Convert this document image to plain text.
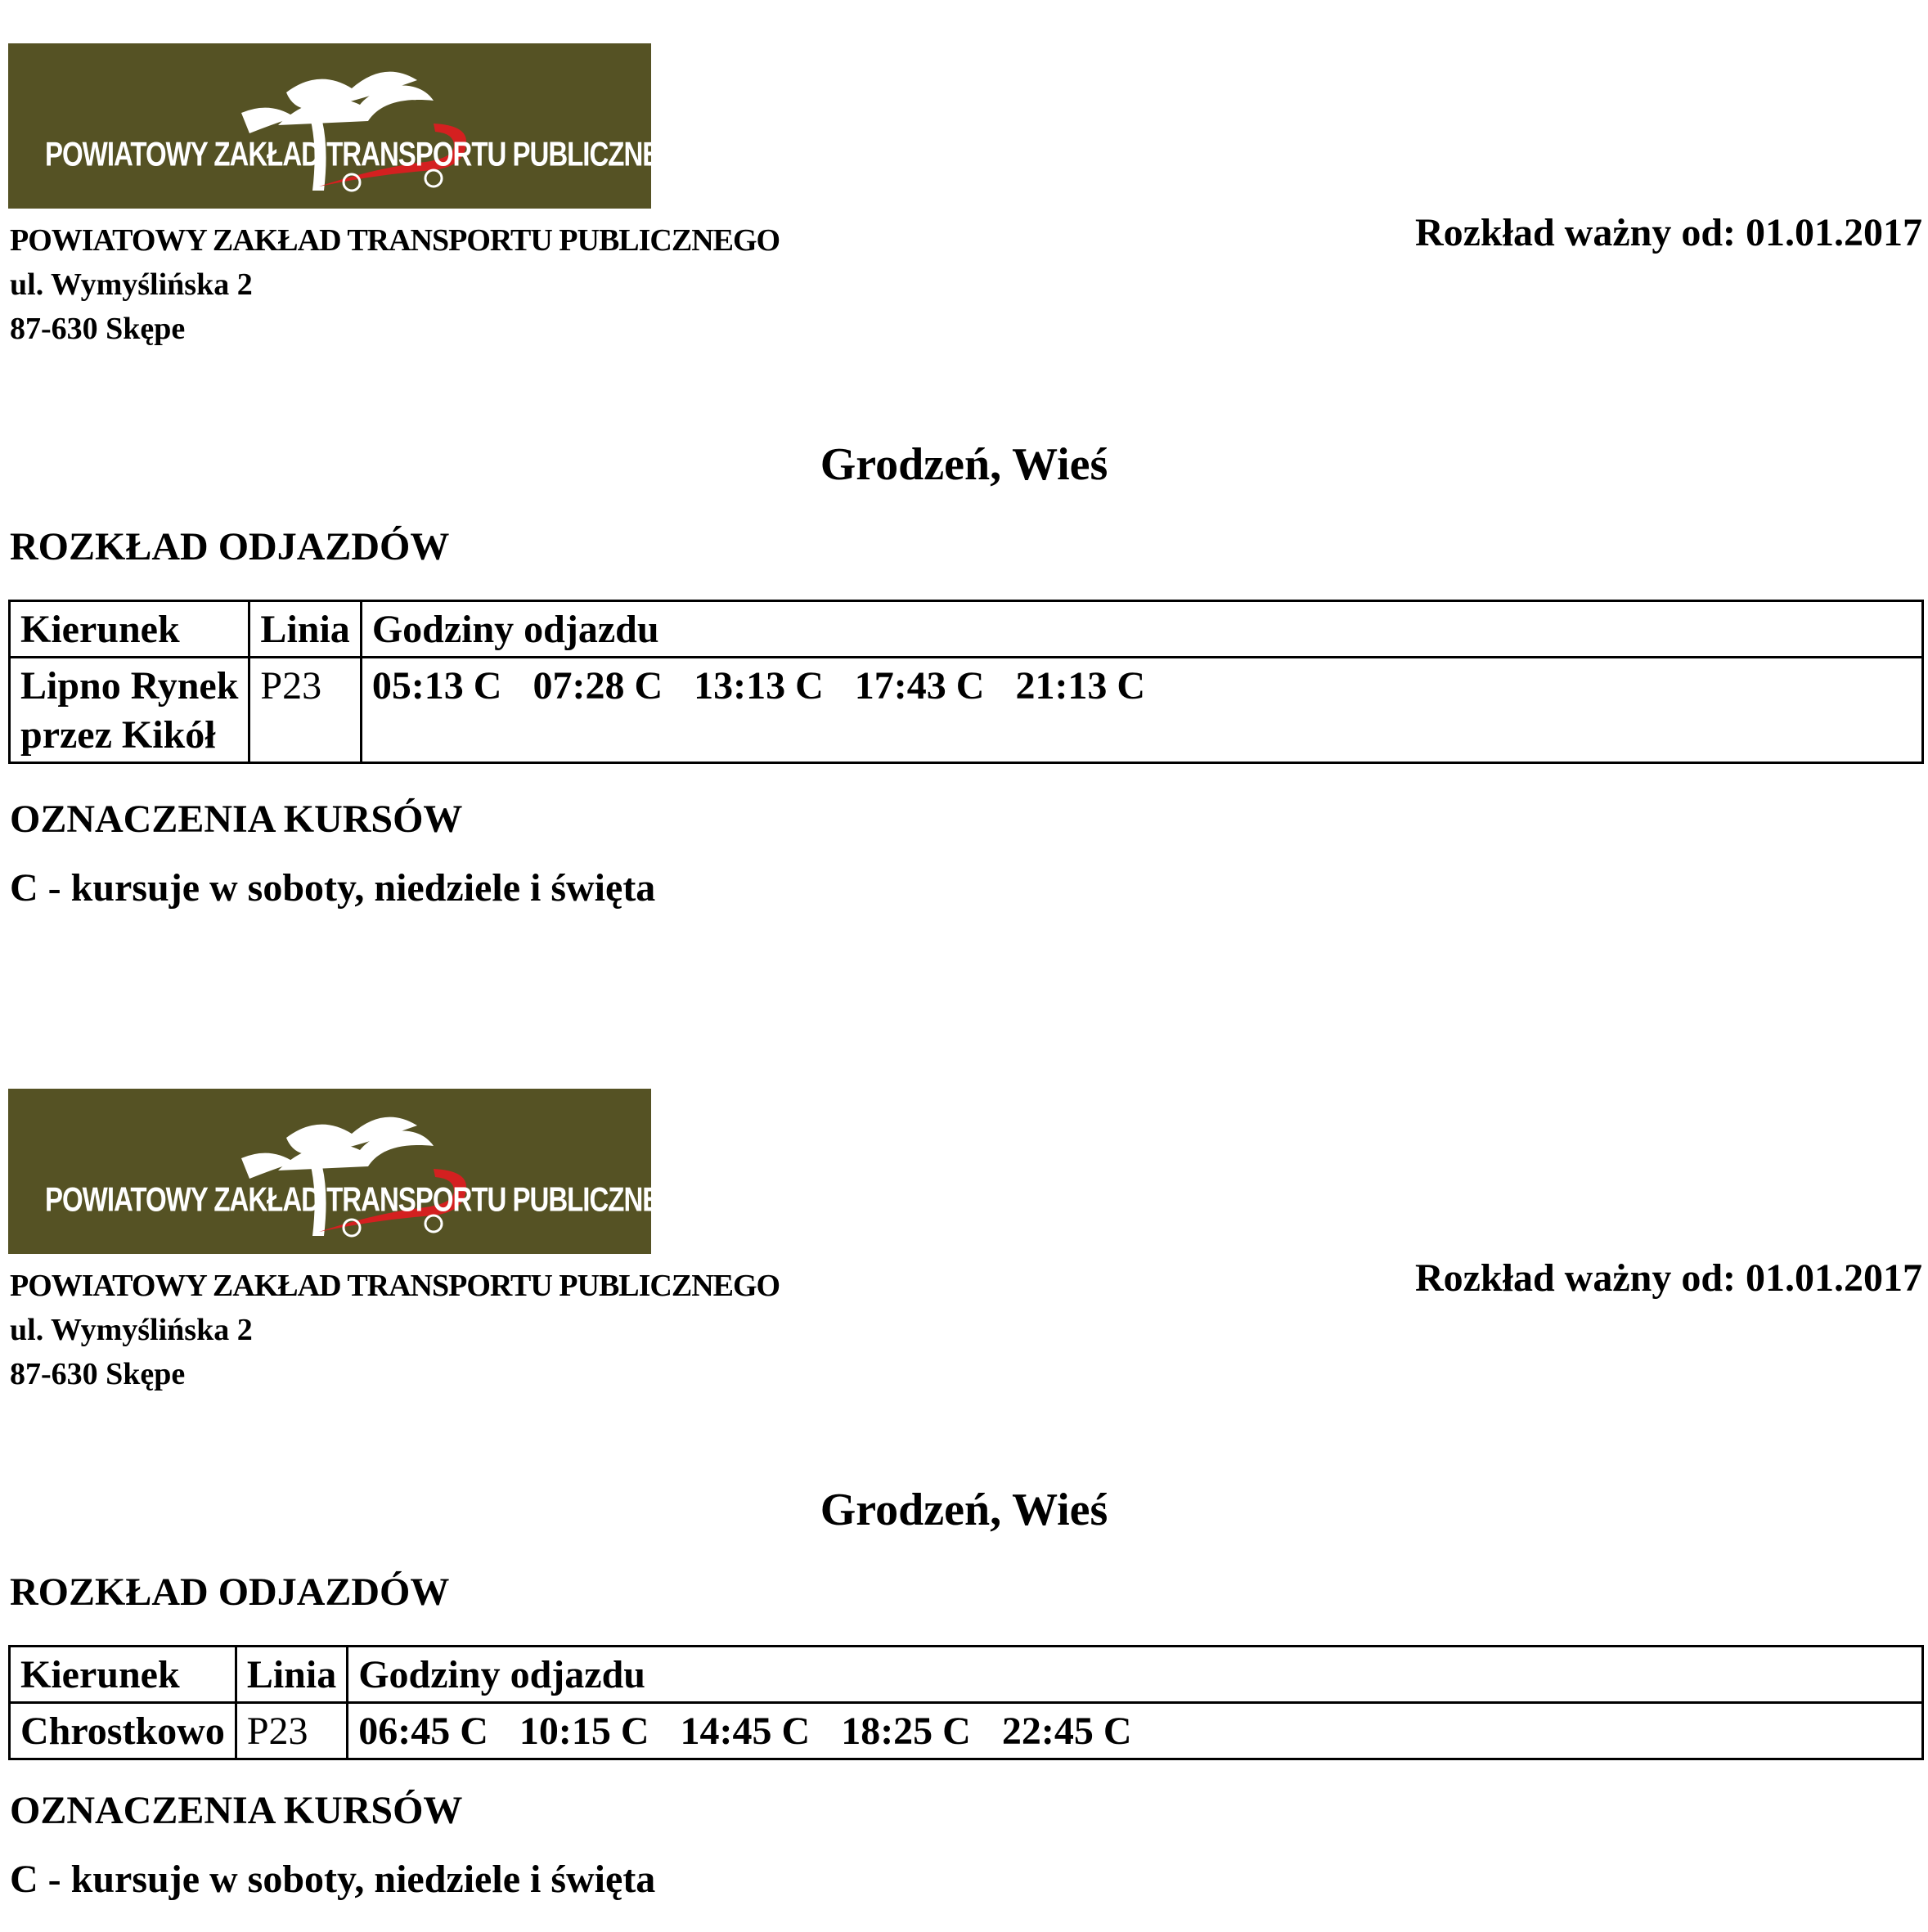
POWIATOWY ZAKŁAD TRANSPORTU PUBLICZNEGO
POWIATOWY ZAKŁAD TRANSPORTU PUBLICZNEGO
ul. Wymyślińska 2
87-630 Skępe
Rozkład ważny od: 01.01.2017
Grodzeń, Wieś
ROZKŁAD ODJAZDÓW
Kierunek	Linia	Godziny odjazdu

Lipno Rynek
przez Kikół	P23	05:13 C 07:28 C 13:13 C 17:43 C 21:13 C
OZNACZENIA KURSÓW
C - kursuje w soboty, niedziele i święta
POWIATOWY ZAKŁAD TRANSPORTU PUBLICZNEGO
POWIATOWY ZAKŁAD TRANSPORTU PUBLICZNEGO
ul. Wymyślińska 2
87-630 Skępe
Rozkład ważny od: 01.01.2017
Grodzeń, Wieś
ROZKŁAD ODJAZDÓW
Kierunek	Linia	Godziny odjazdu

Chrostkowo	P23	06:45 C 10:15 C 14:45 C 18:25 C 22:45 C
OZNACZENIA KURSÓW
C - kursuje w soboty, niedziele i święta
